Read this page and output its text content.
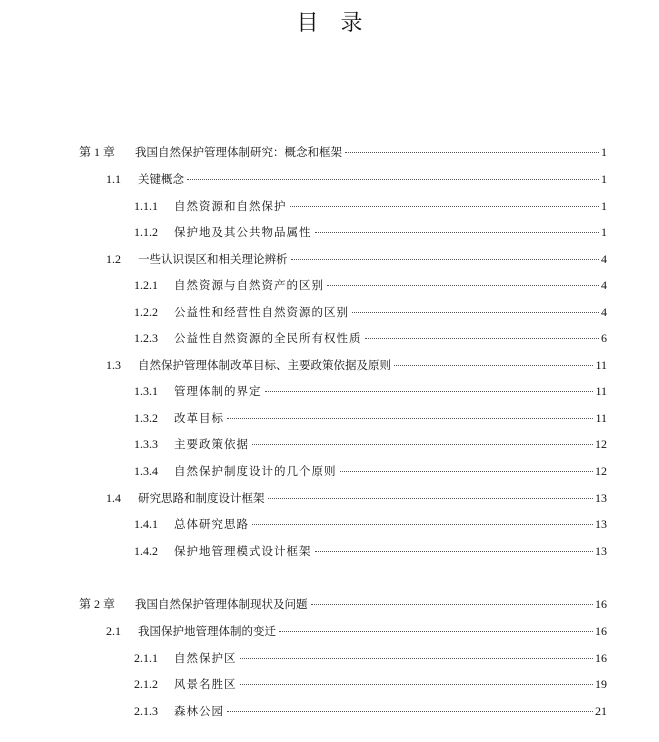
目　录
第 1 章	我国自然保护管理体制研究：概念和框架	1
1.1	关键概念	1
1.1.1	自然资源和自然保护	1
1.1.2	保护地及其公共物品属性	1
1.2	一些认识误区和相关理论辨析	4
1.2.1	自然资源与自然资产的区别	4
1.2.2	公益性和经营性自然资源的区别	4
1.2.3	公益性自然资源的全民所有权性质	6
1.3	自然保护管理体制改革目标、主要政策依据及原则	11
1.3.1	管理体制的界定	11
1.3.2	改革目标	11
1.3.3	主要政策依据	12
1.3.4	自然保护制度设计的几个原则	12
1.4	研究思路和制度设计框架	13
1.4.1	总体研究思路	13
1.4.2	保护地管理模式设计框架	13
第 2 章	我国自然保护管理体制现状及问题	16
2.1	我国保护地管理体制的变迁	16
2.1.1	自然保护区	16
2.1.2	风景名胜区	19
2.1.3	森林公园	21
